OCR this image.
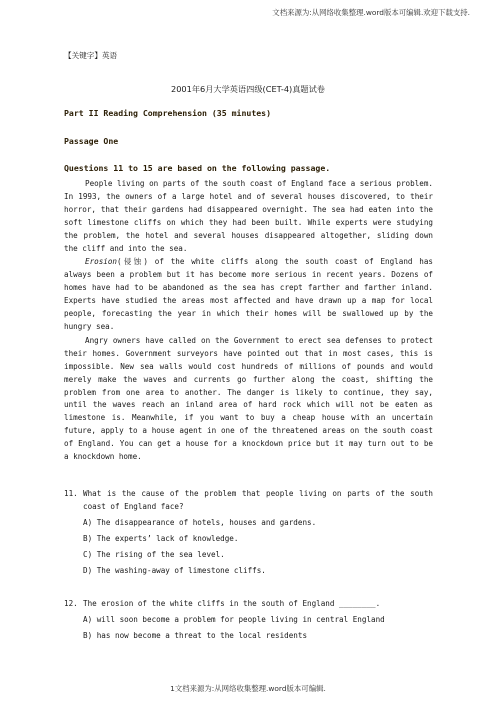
文档来源为:从网络收集整理.word版本可编辑.欢迎下载支持.
【关键字】英语
2001年6月大学英语四级(CET-4)真题试卷
Part II Reading Comprehension (35 minutes)
Passage One
Questions 11 to 15 are based on the following passage.

People living on parts of the south coast of England face a serious problem. In 1993, the owners of a large hotel and of several houses discovered, to their horror, that their gardens had disappeared overnight. The sea had eaten into the soft limestone cliffs on which they had been built. While experts were studying the problem, the hotel and several houses disappeared altogether, sliding down the cliff and into the sea.

Erosion(侵蚀) of the white cliffs along the south coast of England has always been a problem but it has become more serious in recent years. Dozens of homes have had to be abandoned as the sea has crept farther and farther inland. Experts have studied the areas most affected and have drawn up a map for local people, forecasting the year in which their homes will be swallowed up by the hungry sea.

Angry owners have called on the Government to erect sea defenses to protect their homes. Government surveyors have pointed out that in most cases, this is impossible. New sea walls would cost hundreds of millions of pounds and would merely make the waves and currents go further along the coast, shifting the problem from one area to another. The danger is likely to continue, they say, until the waves reach an inland area of hard rock which will not be eaten as limestone is. Meanwhile, if you want to buy a cheap house with an uncertain future, apply to a house agent in one of the threatened areas on the south coast of England. You can get a house for a knockdown price but it may turn out to be a knockdown home.

11. What is the cause of the problem that people living on parts of the south coast of England face?
A) The disappearance of hotels, houses and gardens.
B) The experts’ lack of knowledge.
C) The rising of the sea level.
D) The washing-away of limestone cliffs.
12. The erosion of the white cliffs in the south of England ________.
A) will soon become a problem for people living in central England
B) has now become a threat to the local residents
1文档来源为:从网络收集整理.word版本可编辑.
